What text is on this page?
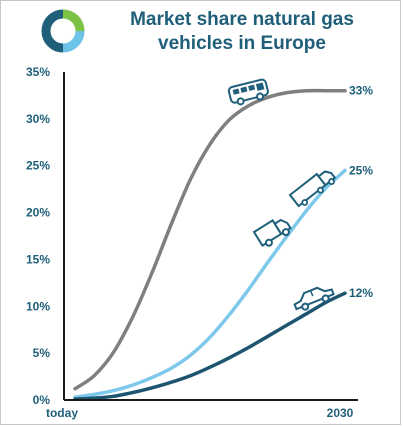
Market share natural gas
vehicles in Europe
0%
5%
10%
15%
20%
25%
30%
35%
today	2030
33%
25%
12%
